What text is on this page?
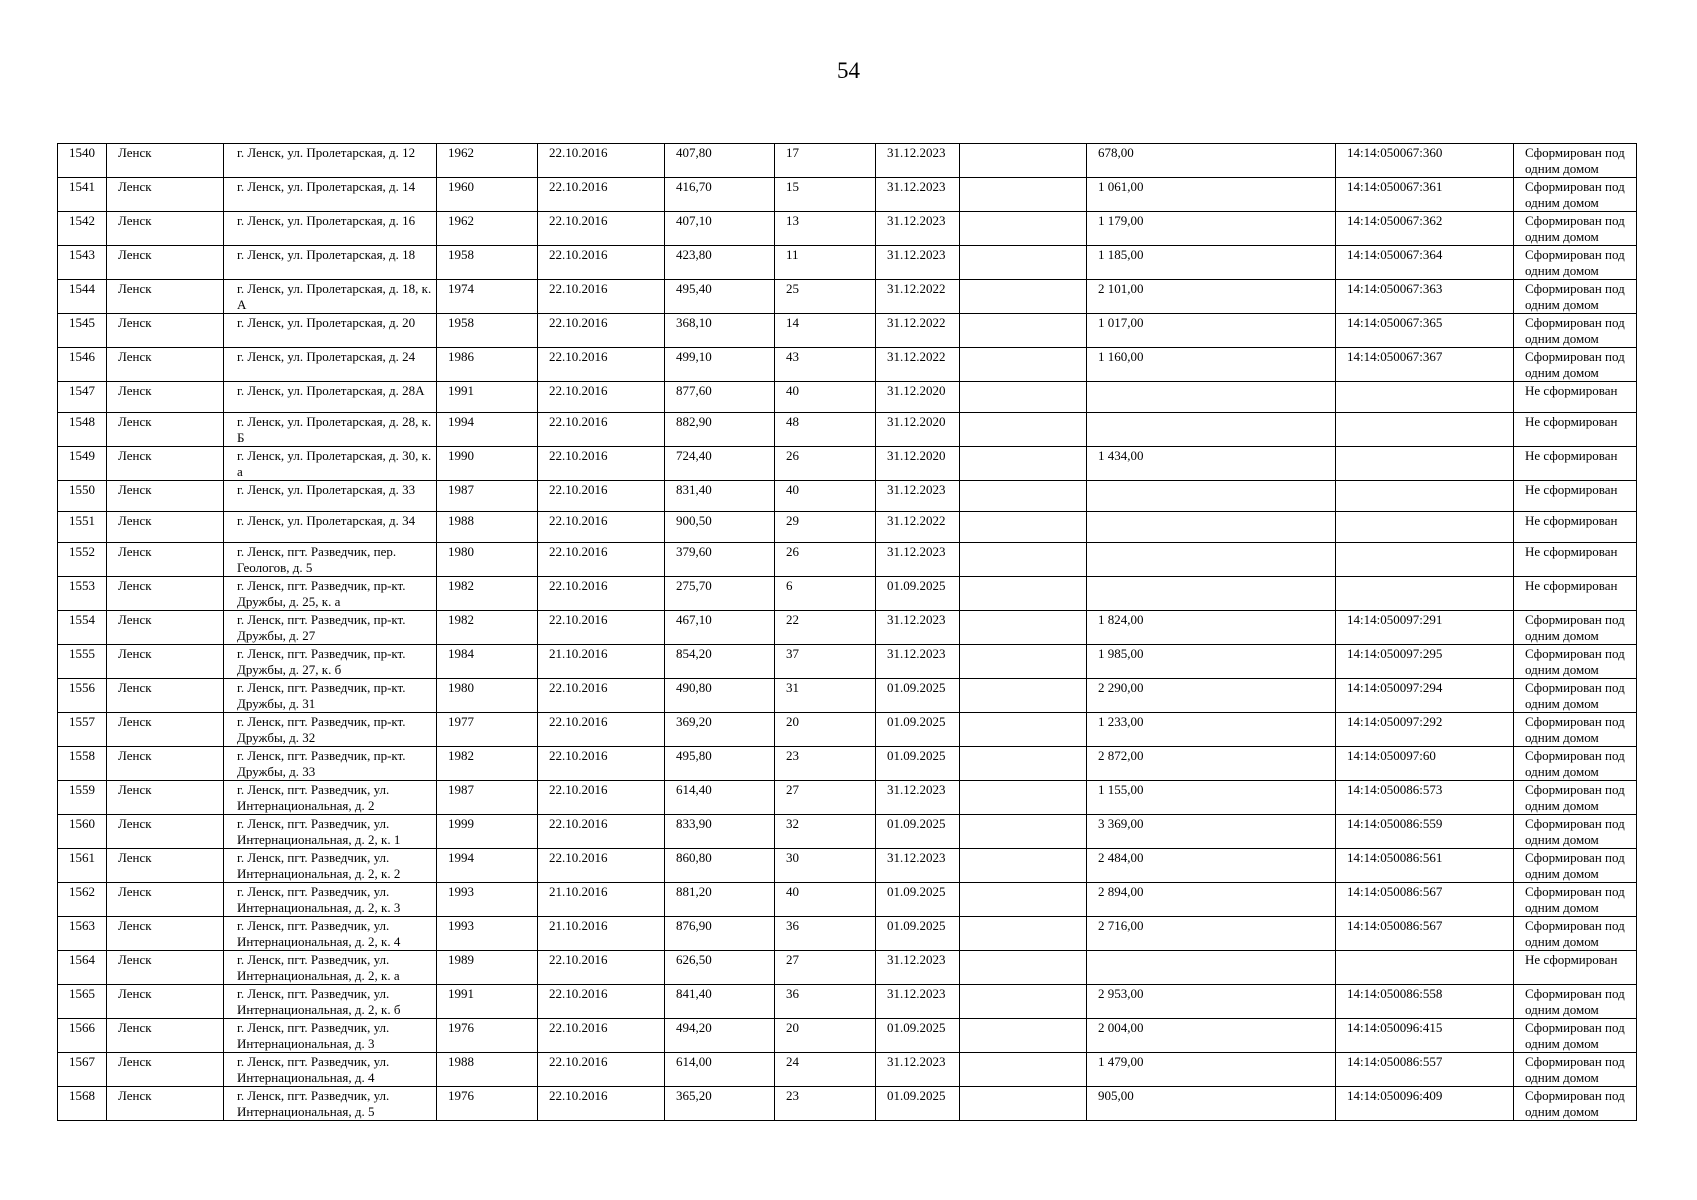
54
1540	Ленск	г. Ленск, ул. Пролетарская, д. 12	1962	22.10.2016	407,80	17	31.12.2023		678,00	14:14:050067:360	Сформирован под одним домом
1541	Ленск	г. Ленск, ул. Пролетарская, д. 14	1960	22.10.2016	416,70	15	31.12.2023		1 061,00	14:14:050067:361	Сформирован под одним домом
1542	Ленск	г. Ленск, ул. Пролетарская, д. 16	1962	22.10.2016	407,10	13	31.12.2023		1 179,00	14:14:050067:362	Сформирован под одним домом
1543	Ленск	г. Ленск, ул. Пролетарская, д. 18	1958	22.10.2016	423,80	11	31.12.2023		1 185,00	14:14:050067:364	Сформирован под одним домом
1544	Ленск	г. Ленск, ул. Пролетарская, д. 18, к. А	1974	22.10.2016	495,40	25	31.12.2022		2 101,00	14:14:050067:363	Сформирован под одним домом
1545	Ленск	г. Ленск, ул. Пролетарская, д. 20	1958	22.10.2016	368,10	14	31.12.2022		1 017,00	14:14:050067:365	Сформирован под одним домом
1546	Ленск	г. Ленск, ул. Пролетарская, д. 24	1986	22.10.2016	499,10	43	31.12.2022		1 160,00	14:14:050067:367	Сформирован под одним домом
1547	Ленск	г. Ленск, ул. Пролетарская, д. 28А	1991	22.10.2016	877,60	40	31.12.2020				Не сформирован
1548	Ленск	г. Ленск, ул. Пролетарская, д. 28, к. Б	1994	22.10.2016	882,90	48	31.12.2020				Не сформирован
1549	Ленск	г. Ленск, ул. Пролетарская, д. 30, к. а	1990	22.10.2016	724,40	26	31.12.2020		1 434,00		Не сформирован
1550	Ленск	г. Ленск, ул. Пролетарская, д. 33	1987	22.10.2016	831,40	40	31.12.2023				Не сформирован
1551	Ленск	г. Ленск, ул. Пролетарская, д. 34	1988	22.10.2016	900,50	29	31.12.2022				Не сформирован
1552	Ленск	г. Ленск, пгт. Разведчик, пер. Геологов, д. 5	1980	22.10.2016	379,60	26	31.12.2023				Не сформирован
1553	Ленск	г. Ленск, пгт. Разведчик, пр-кт. Дружбы, д. 25, к. а	1982	22.10.2016	275,70	6	01.09.2025				Не сформирован
1554	Ленск	г. Ленск, пгт. Разведчик, пр-кт. Дружбы, д. 27	1982	22.10.2016	467,10	22	31.12.2023		1 824,00	14:14:050097:291	Сформирован под одним домом
1555	Ленск	г. Ленск, пгт. Разведчик, пр-кт. Дружбы, д. 27, к. б	1984	21.10.2016	854,20	37	31.12.2023		1 985,00	14:14:050097:295	Сформирован под одним домом
1556	Ленск	г. Ленск, пгт. Разведчик, пр-кт. Дружбы, д. 31	1980	22.10.2016	490,80	31	01.09.2025		2 290,00	14:14:050097:294	Сформирован под одним домом
1557	Ленск	г. Ленск, пгт. Разведчик, пр-кт. Дружбы, д. 32	1977	22.10.2016	369,20	20	01.09.2025		1 233,00	14:14:050097:292	Сформирован под одним домом
1558	Ленск	г. Ленск, пгт. Разведчик, пр-кт. Дружбы, д. 33	1982	22.10.2016	495,80	23	01.09.2025		2 872,00	14:14:050097:60	Сформирован под одним домом
1559	Ленск	г. Ленск, пгт. Разведчик, ул. Интернациональная, д. 2	1987	22.10.2016	614,40	27	31.12.2023		1 155,00	14:14:050086:573	Сформирован под одним домом
1560	Ленск	г. Ленск, пгт. Разведчик, ул. Интернациональная, д. 2, к. 1	1999	22.10.2016	833,90	32	01.09.2025		3 369,00	14:14:050086:559	Сформирован под одним домом
1561	Ленск	г. Ленск, пгт. Разведчик, ул. Интернациональная, д. 2, к. 2	1994	22.10.2016	860,80	30	31.12.2023		2 484,00	14:14:050086:561	Сформирован под одним домом
1562	Ленск	г. Ленск, пгт. Разведчик, ул. Интернациональная, д. 2, к. 3	1993	21.10.2016	881,20	40	01.09.2025		2 894,00	14:14:050086:567	Сформирован под одним домом
1563	Ленск	г. Ленск, пгт. Разведчик, ул. Интернациональная, д. 2, к. 4	1993	21.10.2016	876,90	36	01.09.2025		2 716,00	14:14:050086:567	Сформирован под одним домом
1564	Ленск	г. Ленск, пгт. Разведчик, ул. Интернациональная, д. 2, к. а	1989	22.10.2016	626,50	27	31.12.2023				Не сформирован
1565	Ленск	г. Ленск, пгт. Разведчик, ул. Интернациональная, д. 2, к. б	1991	22.10.2016	841,40	36	31.12.2023		2 953,00	14:14:050086:558	Сформирован под одним домом
1566	Ленск	г. Ленск, пгт. Разведчик, ул. Интернациональная, д. 3	1976	22.10.2016	494,20	20	01.09.2025		2 004,00	14:14:050096:415	Сформирован под одним домом
1567	Ленск	г. Ленск, пгт. Разведчик, ул. Интернациональная, д. 4	1988	22.10.2016	614,00	24	31.12.2023		1 479,00	14:14:050086:557	Сформирован под одним домом
1568	Ленск	г. Ленск, пгт. Разведчик, ул. Интернациональная, д. 5	1976	22.10.2016	365,20	23	01.09.2025		905,00	14:14:050096:409	Сформирован под одним домом
